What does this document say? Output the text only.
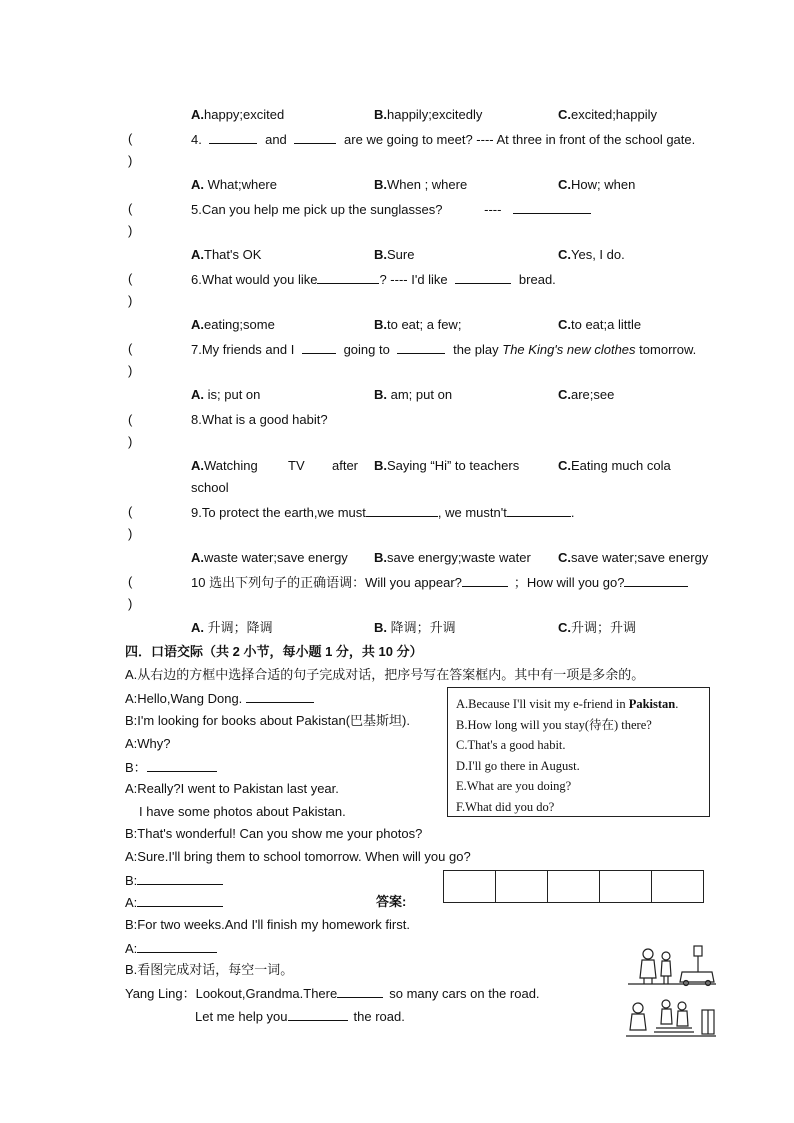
A.happy;excited	B.happily;excitedly	C.excited;happily
(
)
4.	and	are we going to meet? ---- At three in front of the school gate.
A. What;where	B.When ; where	C.How; when
(
)
5.Can you help me pick up the sunglasses?	----
A.That's OK	B.Sure	C.Yes, I do.
(
)
6.What would you like	? ---- I'd like	bread.
A.eating;some	B.to eat; a few;	C.to eat;a little
(
)
7.My friends and I	going to	the play The King's new clothes tomorrow.
A. is; put on	B. am; put on	C.are;see
(
)
8.What is a good habit?
A.Watching TV after
school
B.Saying “Hi” to teachers	C.Eating much cola
(
)
9.To protect the earth,we must	, we mustn't	.
A.waste water;save energy B.save energy;waste water C.save water;save energy
(
)
10 选出下列句子的正确语调：Will you appear?	；How will you go?
A. 升调；降调	B. 降调；升调	C.升调；升调
四．口语交际（共 2 小节，每小题 1 分，共 10 分）
A.从右边的方框中选择合适的句子完成对话，把序号写在答案框内。其中有一项是多余的。
A:Hello,Wang Dong.
B:I'm looking for books about Pakistan(巴基斯坦).
A:Why?
B：
A:Really?I went to Pakistan last year.
I have some photos about Pakistan.
B:That's wonderful! Can you show me your photos?
A:Sure.I'll bring them to school tomorrow. When will you go?
B:
A:	答案:
B:For two weeks.And I'll finish my homework first.
A:
A.Because I'll visit my e-friend in Pakistan.
B.How long will you stay(待在) there?
C.That's a good habit.
D.I'll go there in August.
E.What are you doing?
F.What did you do?

B.看图完成对话，每空一词。
Yang Ling：Lookout,Grandma.There	so many cars on the road.
Let me help you	the road.
